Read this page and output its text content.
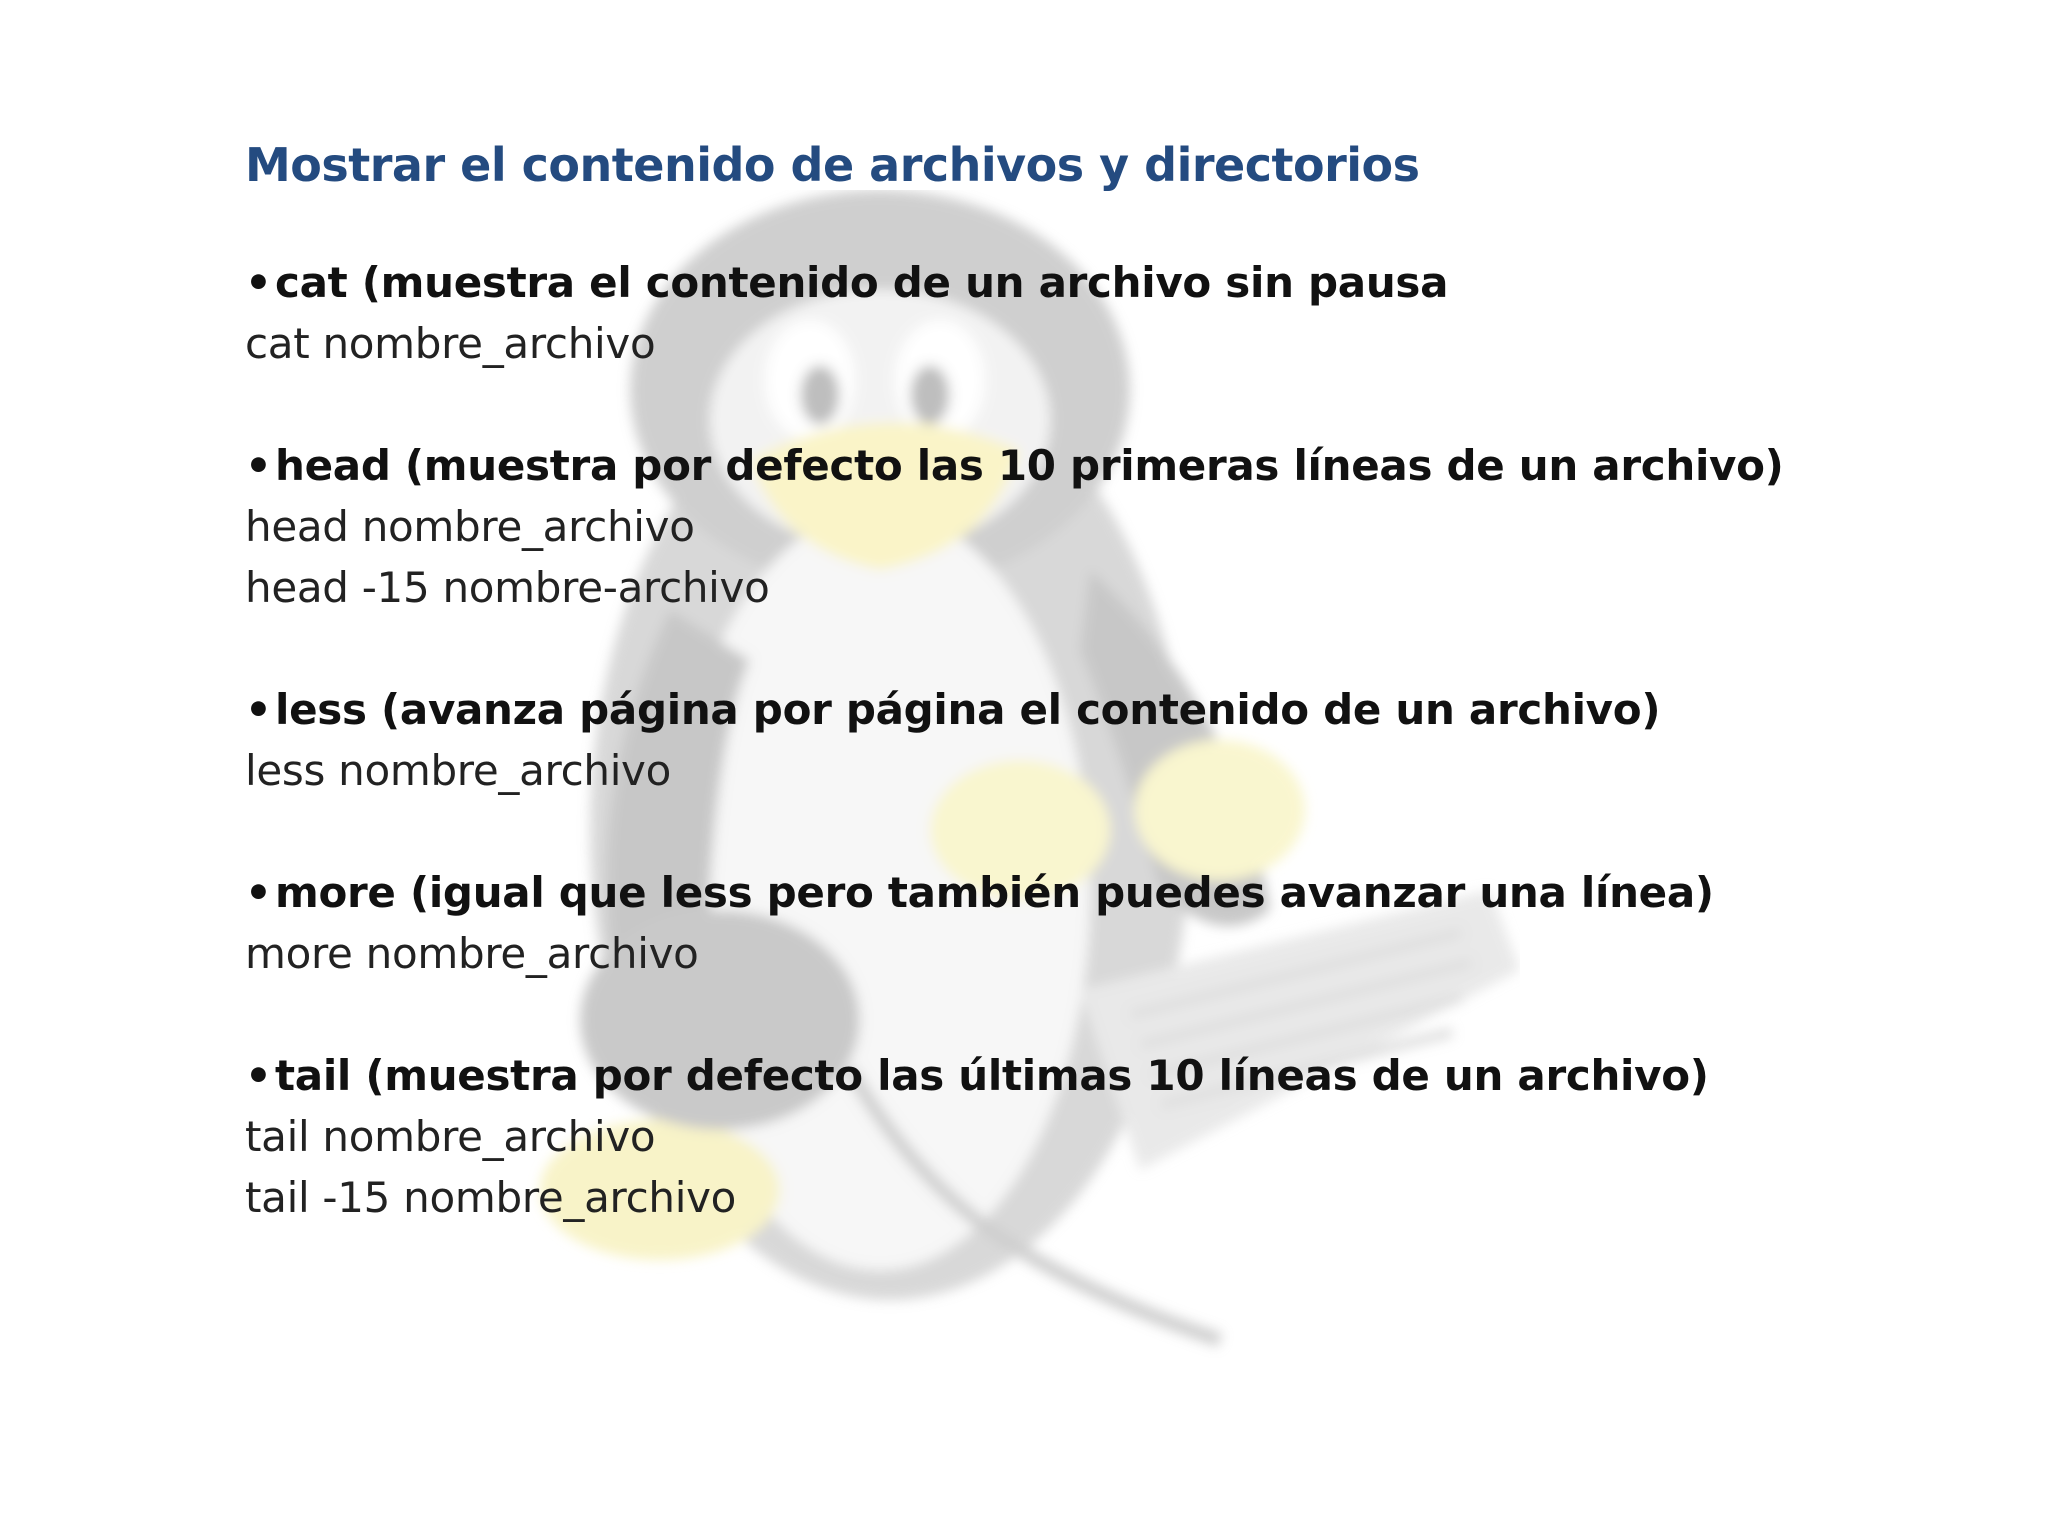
Mostrar el contenido de archivos y directorios
•cat (muestra el contenido de un archivo sin pausa
cat nombre_archivo
•head (muestra por defecto las 10 primeras líneas de un archivo)
head nombre_archivo
head -15 nombre-archivo
•less (avanza página por página el contenido de un archivo)
less nombre_archivo
•more (igual que less pero también puedes avanzar una línea)
more nombre_archivo
•tail (muestra por defecto las últimas 10 líneas de un archivo)
tail nombre_archivo
tail -15 nombre_archivo
